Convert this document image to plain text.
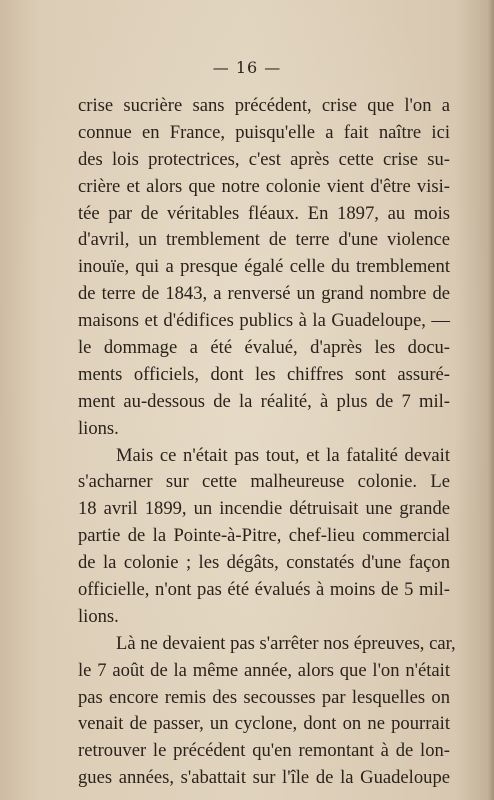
— 16 —
crise sucrière sans précédent, crise que l'on a
connue en France, puisqu'elle a fait naître ici
des lois protectrices, c'est après cette crise su-
crière et alors que notre colonie vient d'être visi-
tée par de véritables fléaux. En 1897, au mois
d'avril, un tremblement de terre d'une violence
inouïe, qui a presque égalé celle du tremblement
de terre de 1843, a renversé un grand nombre de
maisons et d'édifices publics à la Guadeloupe, —
le dommage a été évalué, d'après les docu-
ments officiels, dont les chiffres sont assuré-
ment au-dessous de la réalité, à plus de 7 mil-
lions.
Mais ce n'était pas tout, et la fatalité devait
s'acharner sur cette malheureuse colonie. Le
18 avril 1899, un incendie détruisait une grande
partie de la Pointe-à-Pitre, chef-lieu commercial
de la colonie ; les dégâts, constatés d'une façon
officielle, n'ont pas été évalués à moins de 5 mil-
lions.
Là ne devaient pas s'arrêter nos épreuves, car,
le 7 août de la même année, alors que l'on n'était
pas encore remis des secousses par lesquelles on
venait de passer, un cyclone, dont on ne pourrait
retrouver le précédent qu'en remontant à de lon-
gues années, s'abattait sur l'île de la Guadeloupe
